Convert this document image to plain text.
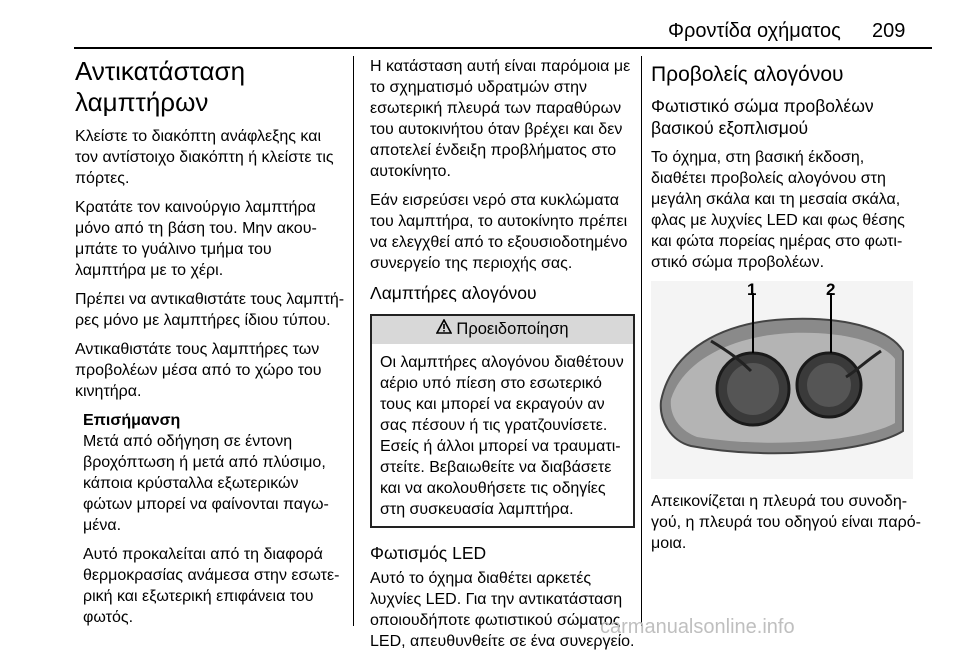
Φροντίδα οχήματος 209
Αντικατάσταση
λαμπτήρων
Κλείστε το διακόπτη ανάφλεξης και
τον αντίστοιχο διακόπτη ή κλείστε τις
πόρτες.
Κρατάτε τον καινούργιο λαμπτήρα
μόνο από τη βάση του. Μην ακου-
μπάτε το γυάλινο τμήμα του
λαμπτήρα με το χέρι.
Πρέπει να αντικαθιστάτε τους λαμπτή-
ρες μόνο με λαμπτήρες ίδιου τύπου.
Αντικαθιστάτε τους λαμπτήρες των
προβολέων μέσα από το χώρο του
κινητήρα.
Επισήμανση
Μετά από οδήγηση σε έντονη
βροχόπτωση ή μετά από πλύσιμο,
κάποια κρύσταλλα εξωτερικών
φώτων μπορεί να φαίνονται παγω-
μένα.
Αυτό προκαλείται από τη διαφορά
θερμοκρασίας ανάμεσα στην εσωτε-
ρική και εξωτερική επιφάνεια του
φωτός.
Η κατάσταση αυτή είναι παρόμοια με
το σχηματισμό υδρατμών στην
εσωτερική πλευρά των παραθύρων
του αυτοκινήτου όταν βρέχει και δεν
αποτελεί ένδειξη προβλήματος στο
αυτοκίνητο.
Εάν εισρεύσει νερό στα κυκλώματα
του λαμπτήρα, το αυτοκίνητο πρέπει
να ελεγχθεί από το εξουσιοδοτημένο
συνεργείο της περιοχής σας.
Λαμπτήρες αλογόνου
Προειδοποίηση
Οι λαμπτήρες αλογόνου διαθέτουν
αέριο υπό πίεση στο εσωτερικό
τους και μπορεί να εκραγούν αν
σας πέσουν ή τις γρατζουνίσετε.
Εσείς ή άλλοι μπορεί να τραυματι-
στείτε. Βεβαιωθείτε να διαβάσετε
και να ακολουθήσετε τις οδηγίες
στη συσκευασία λαμπτήρα.
Φωτισμός LED
Αυτό το όχημα διαθέτει αρκετές
λυχνίες LED. Για την αντικατάσταση
οποιουδήποτε φωτιστικού σώματος
LED, απευθυνθείτε σε ένα συνεργείο.
Προβολείς αλογόνου
Φωτιστικό σώμα προβολέων
βασικού εξοπλισμού
Το όχημα, στη βασική έκδοση,
διαθέτει προβολείς αλογόνου στη
μεγάλη σκάλα και τη μεσαία σκάλα,
φλας με λυχνίες LED και φως θέσης
και φώτα πορείας ημέρας στο φωτι-
στικό σώμα προβολέων.
1	2
Απεικονίζεται η πλευρά του συνοδη-
γού, η πλευρά του οδηγού είναι παρό-
μοια.
carmanualsonline.info
